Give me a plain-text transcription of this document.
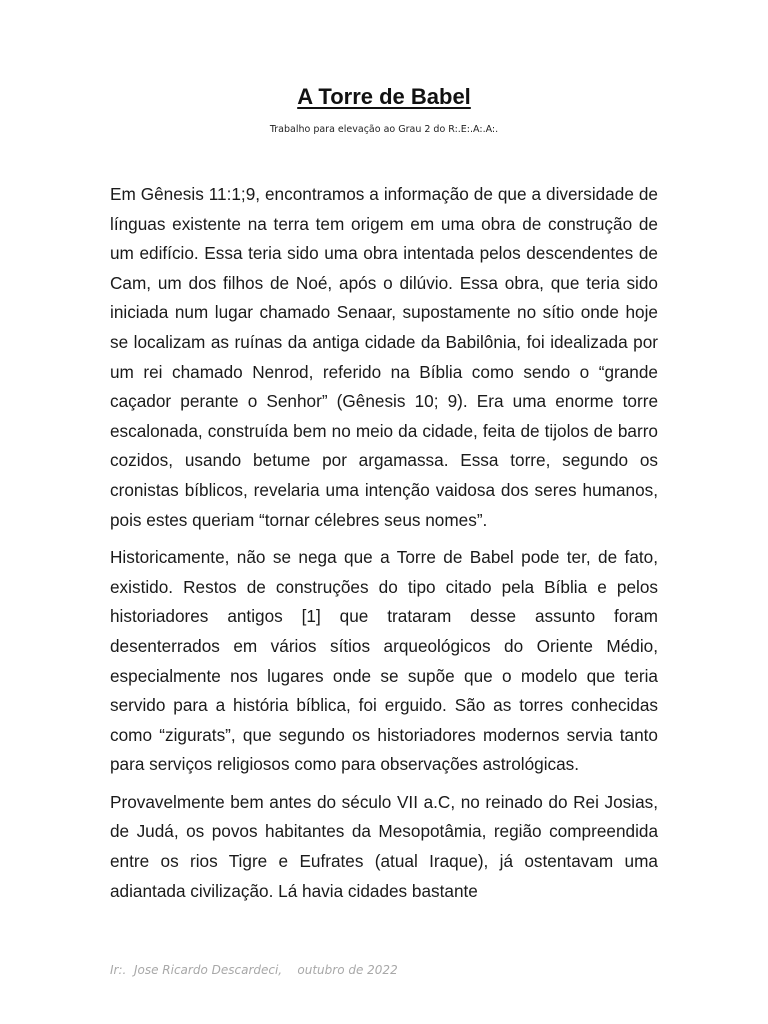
A Torre de Babel
Trabalho para elevação ao Grau 2 do R:.E:.A:.A:.

Em Gênesis 11:1;9, encontramos a informação de que a diversidade de línguas existente na terra tem origem em uma obra de construção de um edifício. Essa teria sido uma obra intentada pelos descendentes de Cam, um dos filhos de Noé, após o dilúvio. Essa obra, que teria sido iniciada num lugar chamado Senaar, supostamente no sítio onde hoje se localizam as ruínas da antiga cidade da Babilônia, foi idealizada por um rei chamado Nenrod, referido na Bíblia como sendo o “grande caçador perante o Senhor” (Gênesis 10; 9). Era uma enorme torre escalonada, construída bem no meio da cidade, feita de tijolos de barro cozidos, usando betume por argamassa. Essa torre, segundo os cronistas bíblicos, revelaria uma intenção vaidosa dos seres humanos, pois estes queriam “tornar célebres seus nomes”.

Historicamente, não se nega que a Torre de Babel pode ter, de fato, existido. Restos de construções do tipo citado pela Bíblia e pelos historiadores antigos [1] que trataram desse assunto foram desenterrados em vários sítios arqueológicos do Oriente Médio, especialmente nos lugares onde se supõe que o modelo que teria servido para a história bíblica, foi erguido. São as torres conhecidas como “zigurats”, que segundo os historiadores modernos servia tanto para serviços religiosos como para observações astrológicas.

Provavelmente bem antes do século VII a.C, no reinado do Rei Josias, de Judá, os povos habitantes da Mesopotâmia, região compreendida entre os rios Tigre e Eufrates (atual Iraque), já ostentavam uma adiantada civilização. Lá havia cidades bastante

Ir:.  Jose Ricardo Descardeci,    outubro de 2022
